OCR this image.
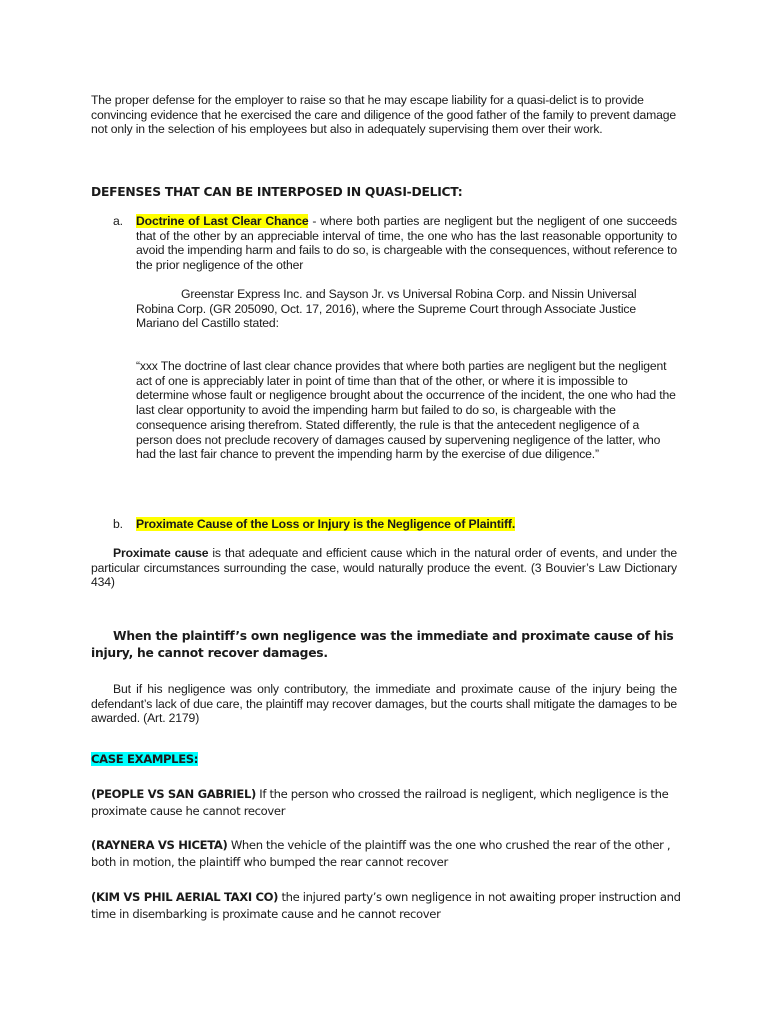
The proper defense for the employer to raise so that he may escape liability for a quasi-delict is to provide convincing evidence that he exercised the care and diligence of the good father of the family to prevent damage not only in the selection of his employees but also in adequately supervising them over their work.

DEFENSES THAT CAN BE INTERPOSED IN QUASI-DELICT:
a. Doctrine of Last Clear Chance - where both parties are negligent but the negligent of one succeeds that of the other by an appreciable interval of time, the one who has the last reasonable opportunity to avoid the impending harm and fails to do so, is chargeable with the consequences, without reference to the prior negligence of the other

Greenstar Express Inc. and Sayson Jr. vs Universal Robina Corp. and Nissin Universal Robina Corp. (GR 205090, Oct. 17, 2016), where the Supreme Court through Associate Justice Mariano del Castillo stated:

“xxx The doctrine of last clear chance provides that where both parties are negligent but the negligent act of one is appreciably later in point of time than that of the other, or where it is impossible to determine whose fault or negligence brought about the occurrence of the incident, the one who had the last clear opportunity to avoid the impending harm but failed to do so, is chargeable with the consequence arising therefrom. Stated differently, the rule is that the antecedent negligence of a person does not preclude recovery of damages caused by supervening negligence of the latter, who had the last fair chance to prevent the impending harm by the exercise of due diligence.”

b. Proximate Cause of the Loss or Injury is the Negligence of Plaintiff.

Proximate cause is that adequate and efficient cause which in the natural order of events, and under the particular circumstances surrounding the case, would naturally produce the event. (3 Bouvier’s Law Dictionary 434)

When the plaintiff’s own negligence was the immediate and proximate cause of his injury, he cannot recover damages.

But if his negligence was only contributory, the immediate and proximate cause of the injury being the defendant’s lack of due care, the plaintiff may recover damages, but the courts shall mitigate the damages to be awarded. (Art. 2179)

CASE EXAMPLES:

(PEOPLE VS SAN GABRIEL) If the person who crossed the railroad is negligent, which negligence is the proximate cause he cannot recover

(RAYNERA VS HICETA) When the vehicle of the plaintiff was the one who crushed the rear of the other , both in motion, the plaintiff who bumped the rear cannot recover

(KIM VS PHIL AERIAL TAXI CO) the injured party’s own negligence in not awaiting proper instruction and time in disembarking is proximate cause and he cannot recover
